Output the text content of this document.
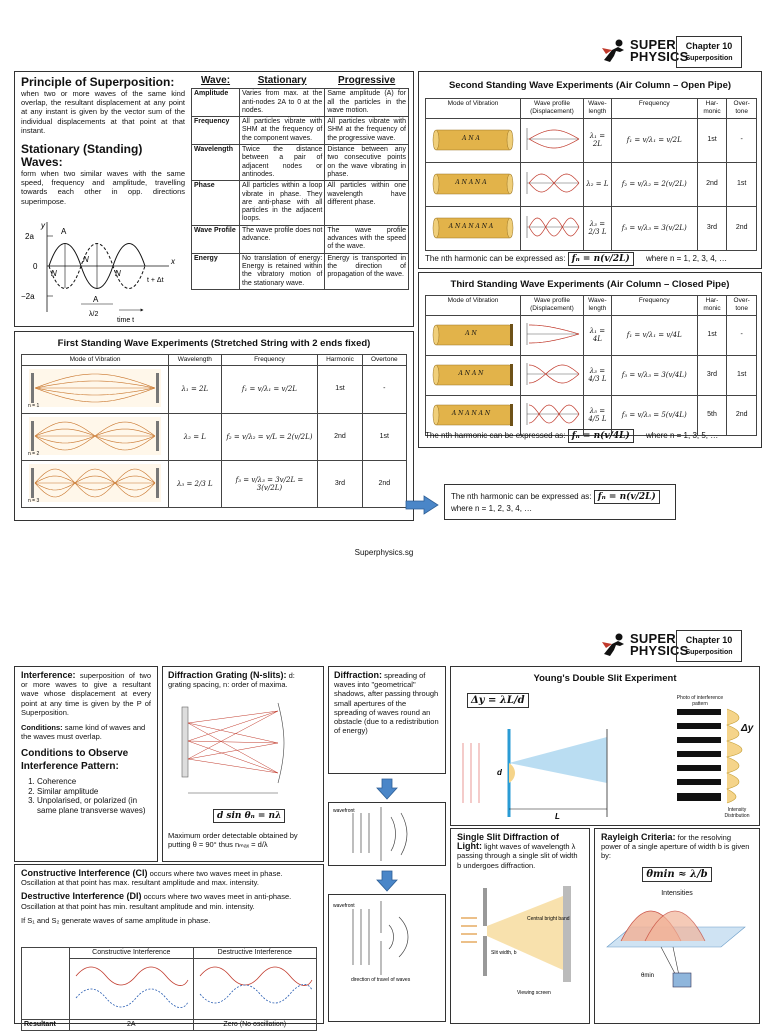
SUPER
PHYSICS
Chapter 10
Superposition
Principle of Superposition:
when two or more waves of the same kind overlap, the resultant displacement at any point at any instant is given by the vector sum of the individual displacements at that point at that instant.
Stationary (Standing) Waves:
form when two similar waves with the same speed, frequency and amplitude, travelling towards each other in opp. directions superimpose.
y
2a
0
−2a
x
A
A
N
N
N
λ/2
t + Δt
time t
Wave:	Stationary	Progressive
Amplitude	Varies from max. at the anti-nodes 2A to 0 at the nodes.	Same amplitude (A) for all the particles in the wave motion.
Frequency	All particles vibrate with SHM at the frequency of the component waves.	All particles vibrate with SHM at the frequency of the progressive wave.
Wavelength	Twice the distance between a pair of adjacent nodes or antinodes.	Distance between any two consecutive points on the wave vibrating in phase.
Phase	All particles within a loop vibrate in phase. They are anti-phase with all particles in the adjacent loops.	All particles within one wavelength have different phase.
Wave Profile	The wave profile does not advance.	The wave profile advances with the speed of the wave.
Energy	No translation of energy: Energy is retained within the vibratory motion of the stationary wave.	Energy is transported in the direction of propagation of the wave.
Second Standing Wave Experiments (Air Column – Open Pipe)
Mode of Vibration	Wave profile (Displacement)	Wave-length	Frequency	Har-monic	Over-tone

A N A		λ₁ = 2L	f₁ = v/λ₁ = v/2L	1st	-

A N A N A		λ₂ = L	f₂ = v/λ₂ = 2(v/2L)	2nd	1st

A N A N A N A		λ₃ = 2/3 L	f₃ = v/λ₃ = 3(v/2L)	3rd	2nd
The nth harmonic can be expressed as: fₙ = n(v/2L) where n = 1, 2, 3, 4, …
Third Standing Wave Experiments (Air Column – Closed Pipe)
Mode of Vibration	Wave profile (Displacement)	Wave-length	Frequency	Har-monic	Over-tone

A N		λ₁ = 4L	f₁ = v/λ₁ = v/4L	1st	-

A N A N		λ₃ = 4/3 L	f₃ = v/λ₃ = 3(v/4L)	3rd	1st

A N A N A N		λ₅ = 4/5 L	f₅ = v/λ₅ = 5(v/4L)	5th	2nd
The nth harmonic can be expressed as: fₙ = n(v/4L) where n = 1, 3, 5, …
First Standing Wave Experiments (Stretched String with 2 ends fixed)
Mode of Vibration	Wavelength	Frequency	Harmonic	Overtone

n = 1	λ₁ = 2L	f₁ = v/λ₁ = v/2L	1st	-

n = 2	λ₂ = L	f₂ = v/λ₂ = v/L = 2(v/2L)	2nd	1st

n = 3	λ₃ = 2/3 L	f₃ = v/λ₃ = 3v/2L = 3(v/2L)	3rd	2nd
The nth harmonic can be expressed as: fₙ = n(v/2L)
where n = 1, 2, 3, 4, …
Superphysics.sg
SUPER
PHYSICS
Chapter 10
Superposition
Interference: superposition of two or more waves to give a resultant wave whose displacement at every point at any time is given by the P of Superposition.
Conditions: same kind of waves and the waves must overlap.
Conditions to Observe Interference Pattern:
1. Coherence
2. Similar amplitude
3. Unpolarised, or polarized (in same plane transverse waves)
Diffraction Grating (N-slits): d: grating spacing, n: order of maxima.
d sin θₙ = nλ
Maximum order detectable obtained by putting θ = 90° thus nₘₐₓ = d/λ
Diffraction: spreading of waves into "geometrical" shadows, after passing through small apertures of the spreading of waves round an obstacle (due to a redistribution of energy)
wavefront
wavefront
direction of travel of waves
Young's Double Slit Experiment
Δy = λL/d
d
L
Photo of interference pattern
Δy
Intensity Distribution
Single Slit Diffraction of Light: light waves of wavelength λ passing through a single slit of width b undergoes diffraction.
Central bright band
Slit width, b
Viewing screen
Rayleigh Criteria: for the resolving power of a single aperture of width b is given by:
θmin ≈ λ/b
Intensities
θmin
Constructive Interference (CI) occurs where two waves meet in phase. Oscillation at that point has max. resultant amplitude and max. intensity.
Destructive Interference (DI) occurs where two waves meet in anti-phase. Oscillation at that point has min. resultant amplitude and min. intensity.
If S₁ and S₂ generate waves of same amplitude in phase.
	Constructive Interference	Destructive Interference

Resultant	2A	Zero (No oscillation)
